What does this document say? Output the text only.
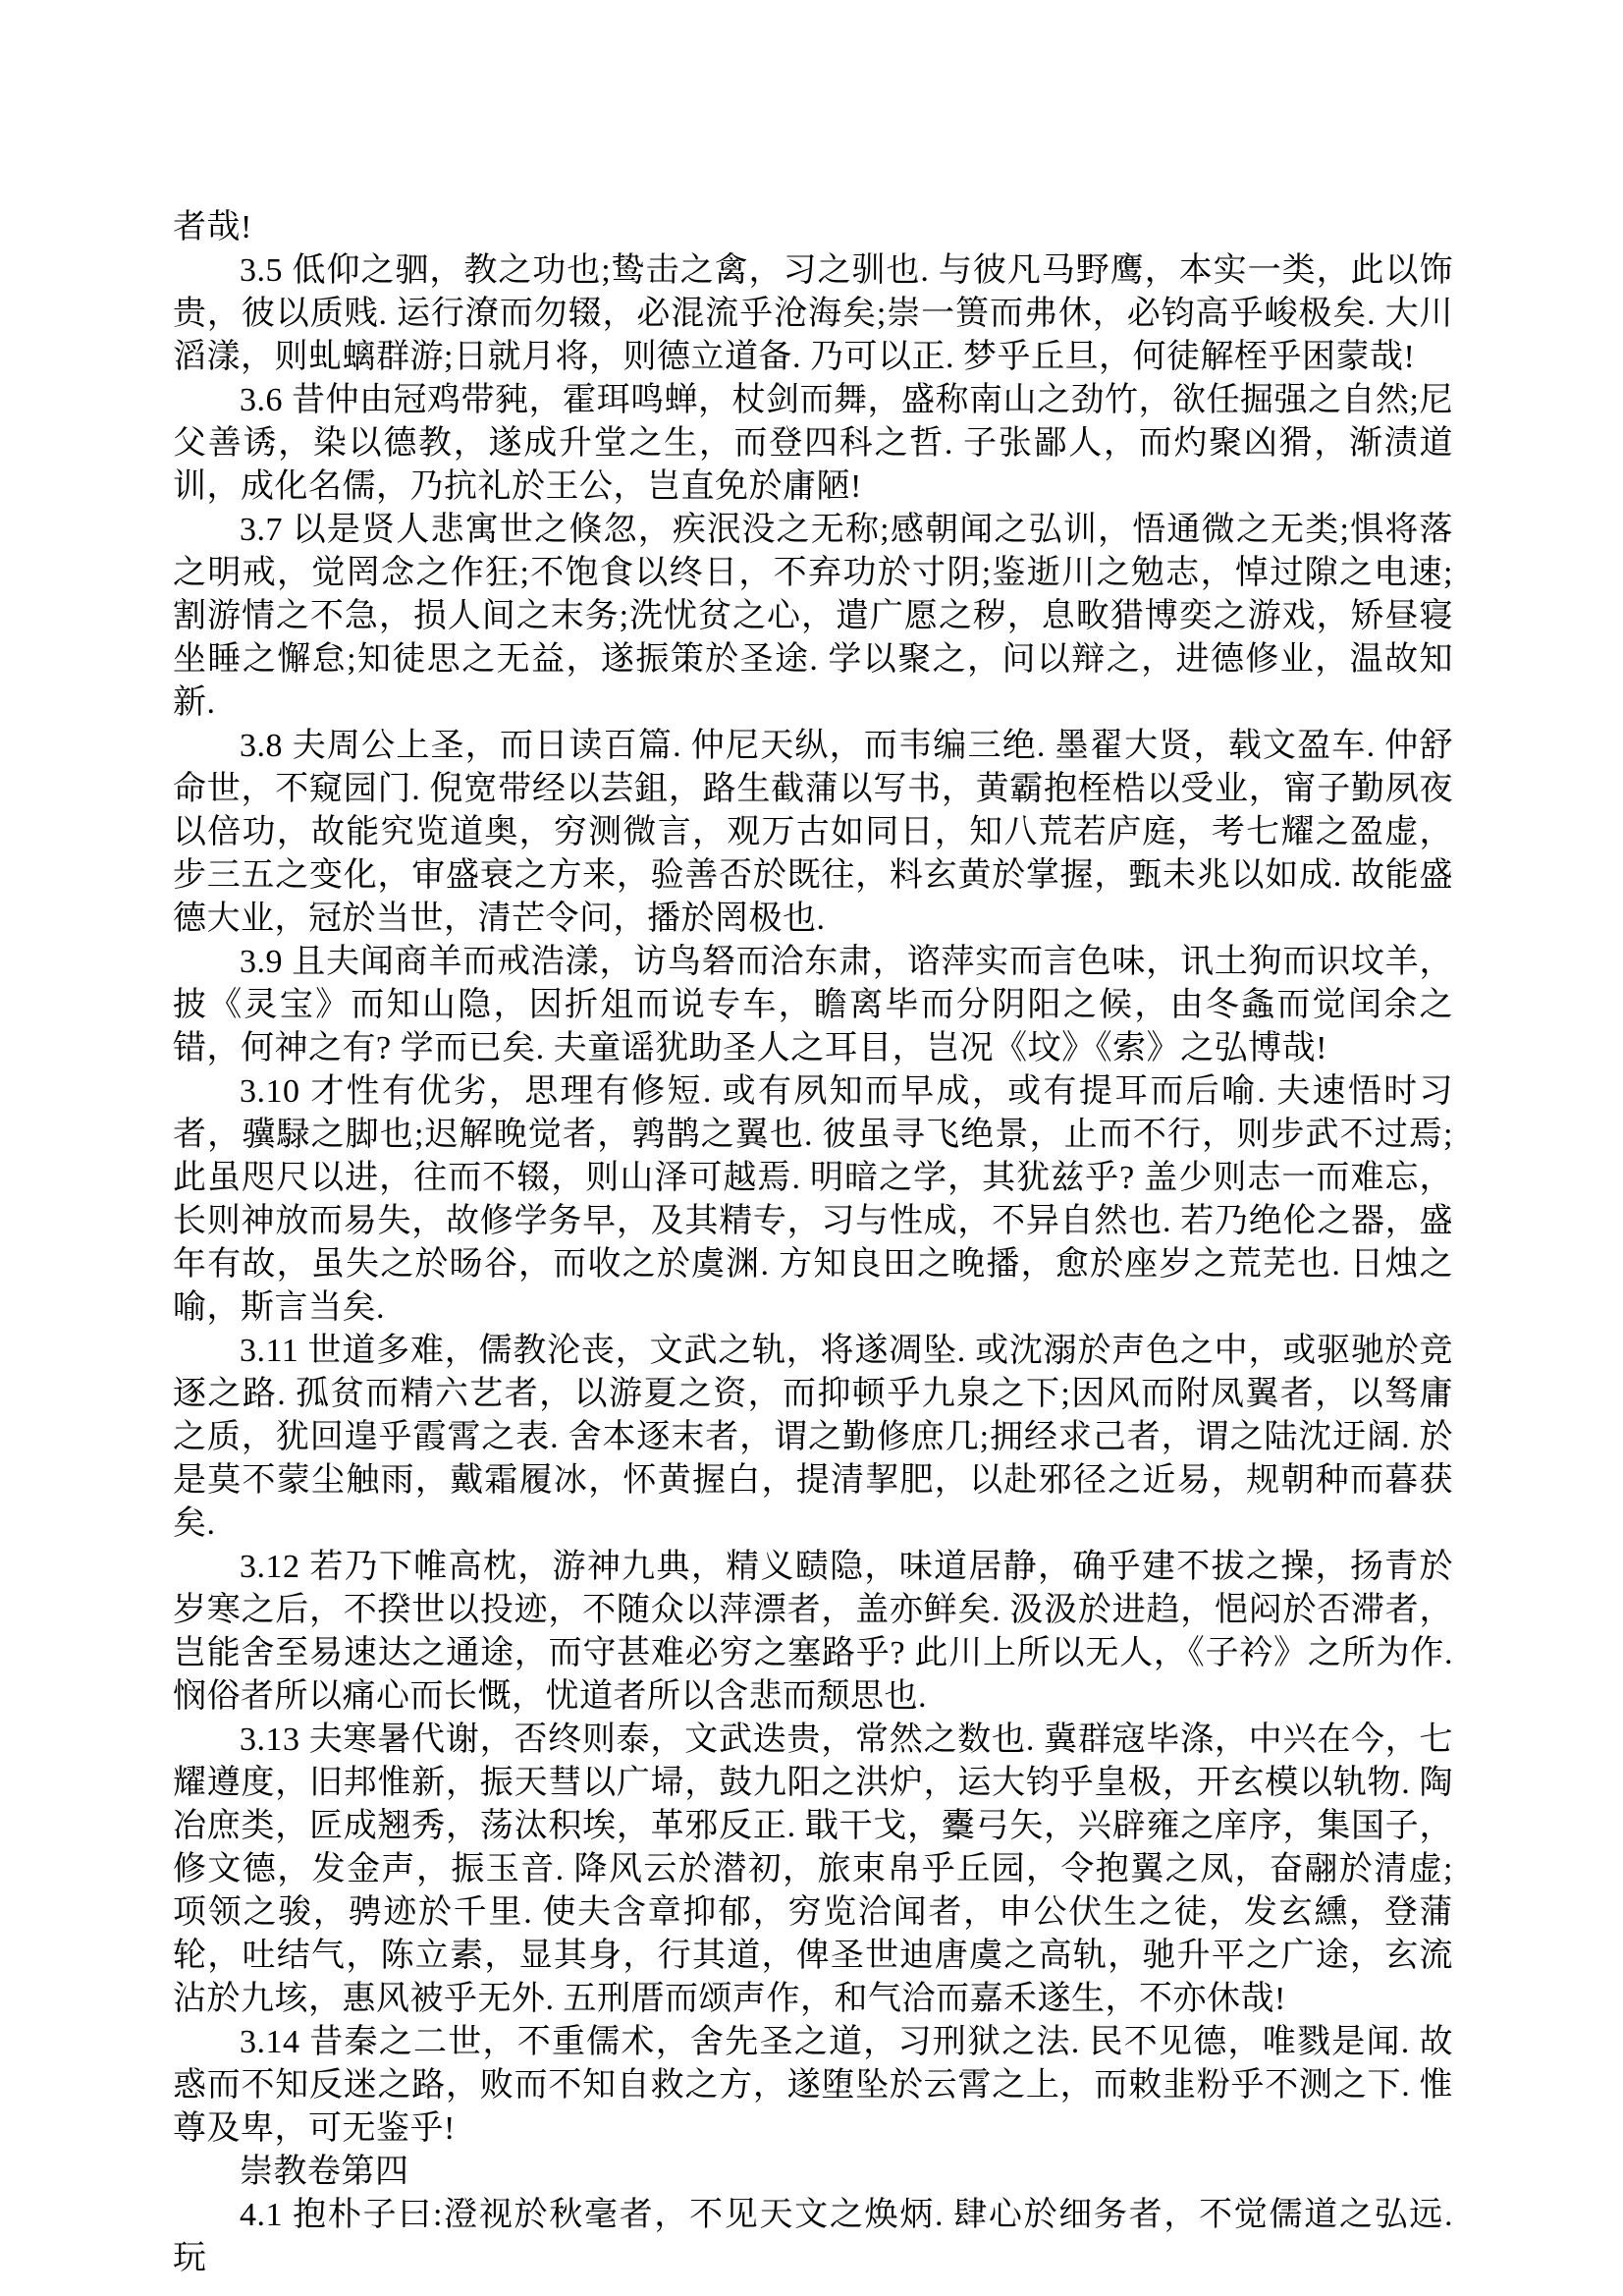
者哉!

3.5 低仰之驷，教之功也;鸷击之禽，习之驯也. 与彼凡马野鹰，本实一类，此以饰贵，彼以质贱. 运行潦而勿辍，必混流乎沧海矣;崇一篑而弗休，必钧高乎峻极矣. 大川滔漾，则虬螭群游;日就月将，则德立道备. 乃可以正. 梦乎丘旦，何徒解桎乎困蒙哉!

3.6 昔仲由冠鸡带豘，霍珥鸣蝉，杖剑而舞，盛称南山之劲竹，欲任掘强之自然;尼父善诱，染以德教，遂成升堂之生，而登四科之哲. 子张鄙人，而灼聚凶猾，渐渍道训，成化名儒，乃抗礼於王公，岂直免於庸陋!

3.7 以是贤人悲寓世之倏忽，疾泯没之无称;感朝闻之弘训，悟通微之无类;惧将落之明戒，觉罔念之作狂;不饱食以终日，不弃功於寸阴;鉴逝川之勉志，悼过隙之电速;割游情之不急，损人间之末务;洗忧贫之心，遣广愿之秽，息畋猎博奕之游戏，矫昼寝坐睡之懈怠;知徒思之无益，遂振策於圣途. 学以聚之，问以辩之，进德修业，温故知新.

3.8 夫周公上圣，而日读百篇. 仲尼天纵，而韦编三绝. 墨翟大贤，载文盈车. 仲舒命世，不窥园门. 倪宽带经以芸鉏，路生截蒲以写书，黄霸抱桎梏以受业，甯子勤夙夜以倍功，故能究览道奥，穷测微言，观万古如同日，知八荒若庐庭，考七耀之盈虚，步三五之变化，审盛衰之方来，验善否於既往，料玄黄於掌握，甄未兆以如成. 故能盛德大业，冠於当世，清芒令问，播於罔极也.

3.9 且夫闻商羊而戒浩漾，访鸟砮而洽东肃，谘萍实而言色味，讯土狗而识坟羊，披《灵宝》而知山隐，因折俎而说专车，瞻离毕而分阴阳之候，由冬螽而觉闰余之错，何神之有? 学而已矣. 夫童谣犹助圣人之耳目，岂况《坟》《索》之弘博哉!

3.10 才性有优劣，思理有修短. 或有夙知而早成，或有提耳而后喻. 夫速悟时习者，骥騄之脚也;迟解晚觉者，鹑鹊之翼也. 彼虽寻飞绝景，止而不行，则步武不过焉;此虽咫尺以进，往而不辍，则山泽可越焉. 明暗之学，其犹兹乎? 盖少则志一而难忘，长则神放而易失，故修学务早，及其精专，习与性成，不异自然也. 若乃绝伦之器，盛年有故，虽失之於旸谷，而收之於虞渊. 方知良田之晚播，愈於座岁之荒芜也. 日烛之喻，斯言当矣.

3.11 世道多难，儒教沦丧，文武之轨，将遂凋坠. 或沈溺於声色之中，或驱驰於竞逐之路. 孤贫而精六艺者，以游夏之资，而抑顿乎九泉之下;因风而附凤翼者，以驽庸之质，犹回遑乎霞霄之表. 舍本逐末者，谓之勤修庶几;拥经求己者，谓之陆沈迂阔. 於是莫不蒙尘触雨，戴霜履冰，怀黄握白，提清挈肥，以赴邪径之近易，规朝种而暮获矣.

3.12 若乃下帷高枕，游神九典，精义赜隐，味道居静，确乎建不拔之操，扬青於岁寒之后，不揆世以投迹，不随众以萍漂者，盖亦鲜矣. 汲汲於进趋，悒闷於否滞者，岂能舍至易速达之通途，而守甚难必穷之塞路乎? 此川上所以无人，《子衿》之所为作. 悯俗者所以痛心而长慨，忧道者所以含悲而颓思也.

3.13 夫寒暑代谢，否终则泰，文武迭贵，常然之数也. 冀群寇毕涤，中兴在今，七耀遵度，旧邦惟新，振天彗以广埽，鼓九阳之洪炉，运大钧乎皇极，开玄模以轨物. 陶冶庶类，匠成翘秀，荡汰积埃，革邪反正. 戢干戈，櫜弓矢，兴辟雍之庠序，集国子，修文德，发金声，振玉音. 降风云於潜初，旅束帛乎丘园，令抱翼之凤，奋翮於清虚;项领之骏，骋迹於千里. 使夫含章抑郁，穷览洽闻者，申公伏生之徒，发玄纁，登蒲轮，吐结气，陈立素，显其身，行其道，俾圣世迪唐虞之高轨，驰升平之广途，玄流沾於九垓，惠风被乎无外. 五刑厝而颂声作，和气洽而嘉禾遂生，不亦休哉!

3.14 昔秦之二世，不重儒术，舍先圣之道，习刑狱之法. 民不见德，唯戮是闻. 故惑而不知反迷之路，败而不知自救之方，遂堕坠於云霄之上，而敕韭粉乎不测之下. 惟尊及卑，可无鉴乎!

崇教卷第四

4.1 抱朴子曰:澄视於秋毫者，不见天文之焕炳. 肆心於细务者，不觉儒道之弘远. 玩
